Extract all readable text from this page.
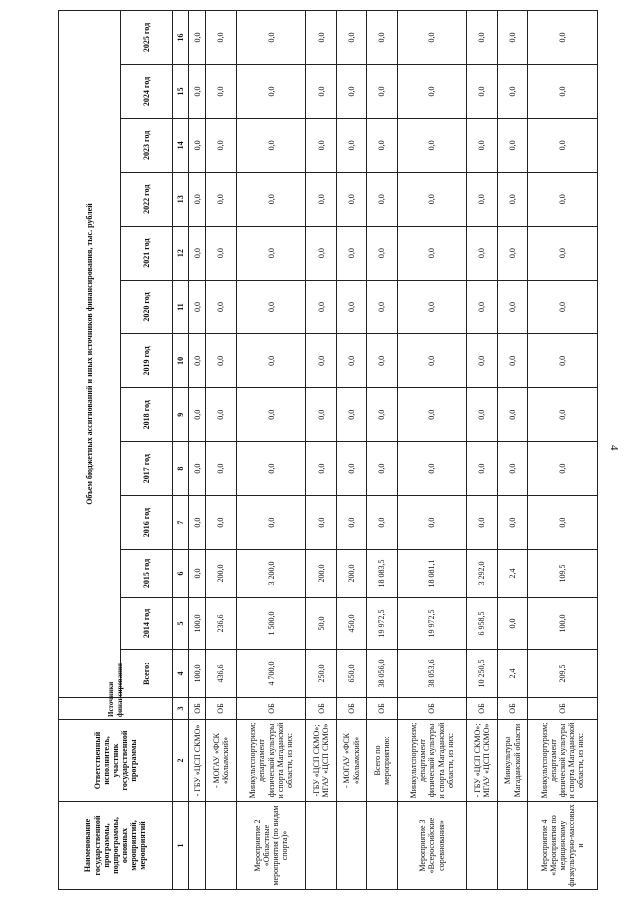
4
Наименование государственной программы, подпрограммы, основных мероприятий, мероприятий	Ответственный исполнитель, участник государственной программы	Источники финансирования	Объем бюджетных ассигнований и иных источников финансирования, тыс. рублей												
			Всего:	2014 год	2015 год	2016 год	2017 год	2018 год	2019 год	2020 год	2021 год	2022 год	2023 год	2024 год	2025 год
1	2	3	4	5	6	7	8	9	10	11	12	13	14	15	16
	- ГБУ «ЦСП СКМО»	ОБ	100,0	100,0	0,0	0,0	0,0	0,0	0,0	0,0	0,0	0,0	0,0	0,0	0,0
	- МОГАУ «ФСК «Колымский»	ОБ	436,6	236,6	200,0	0,0	0,0	0,0	0,0	0,0	0,0	0,0	0,0	0,0	0,0
Мероприятие 2 «Областные мероприятия (по видам спорта)»	Минкультспортуризм; департамент физической культуры и спорта Магаданской области, из них:	ОБ	4 700,0	1 500,0	3 200,0	0,0	0,0	0,0	0,0	0,0	0,0	0,0	0,0	0,0	0,0
	-ГБУ «ЦСП СКМО»; МГАУ «ЦСП СКМО»	ОБ	250,0	50,0	200,0	0,0	0,0	0,0	0,0	0,0	0,0	0,0	0,0	0,0	0,0
	- МОГАУ «ФСК «Колымский»	ОБ	650,0	450,0	200,0	0,0	0,0	0,0	0,0	0,0	0,0	0,0	0,0	0,0	0,0
	Всего по мероприятию:	ОБ	38 056,0	19 972,5	18 083,5	0,0	0,0	0,0	0,0	0,0	0,0	0,0	0,0	0,0	0,0
Мероприятие 3 «Всероссийские соревнования»	Минкультспортуризм; департамент физической культуры и спорта Магаданской области, из них:	ОБ	38 053,6	19 972,5	18 081,1	0,0	0,0	0,0	0,0	0,0	0,0	0,0	0,0	0,0	0,0
	- ГБУ «ЦСП СКМО»; МГАУ «ЦСП СКМО»	ОБ	10 250,5	6 958,5	3 292,0	0,0	0,0	0,0	0,0	0,0	0,0	0,0	0,0	0,0	0,0
	Минкультуры Магаданской области	ОБ	2,4	0,0	2,4	0,0	0,0	0,0	0,0	0,0	0,0	0,0	0,0	0,0	0,0
Мероприятие 4 «Мероприятия по медицинскому физкультурно-массовых и	Минкультспортуризм; департамент физической культуры и спорта Магаданской области, из них:	ОБ	209,5	100,0	109,5	0,0	0,0	0,0	0,0	0,0	0,0	0,0	0,0	0,0	0,0
